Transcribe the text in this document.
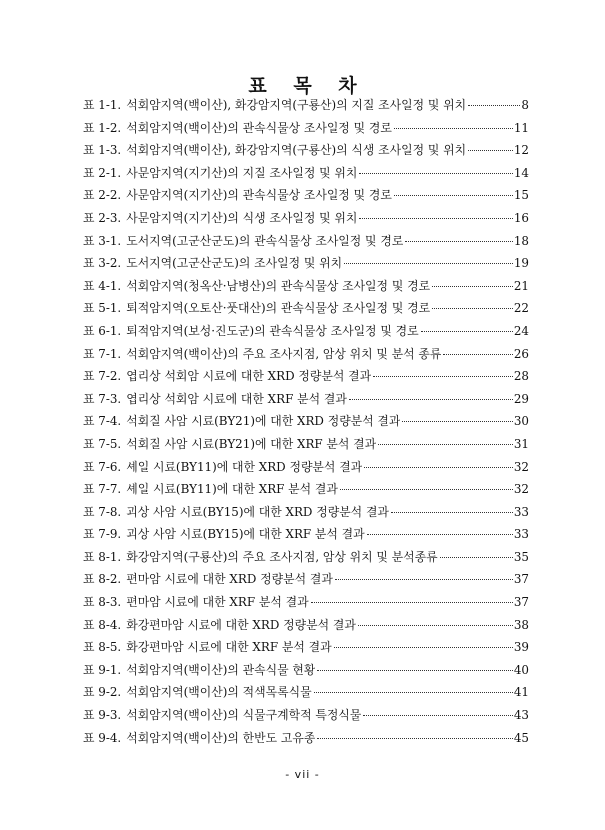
표 목 차
표 1-1. 석회암지역(백이산), 화강암지역(구룡산)의 지질 조사일정 및 위치	8
표 1-2. 석회암지역(백이산)의 관속식물상 조사일정 및 경로	11
표 1-3. 석회암지역(백이산), 화강암지역(구룡산)의 식생 조사일정 및 위치	12
표 2-1. 사문암지역(지기산)의 지질 조사일정 및 위치	14
표 2-2. 사문암지역(지기산)의 관속식물상 조사일정 및 경로	15
표 2-3. 사문암지역(지기산)의 식생 조사일정 및 위치	16
표 3-1. 도서지역(고군산군도)의 관속식물상 조사일정 및 경로	18
표 3-2. 도서지역(고군산군도)의 조사일정 및 위치	19
표 4-1. 석회암지역(청옥산·남병산)의 관속식물상 조사일정 및 경로	21
표 5-1. 퇴적암지역(오토산·풋대산)의 관속식물상 조사일정 및 경로	22
표 6-1. 퇴적암지역(보성·진도군)의 관속식물상 조사일정 및 경로	24
표 7-1. 석회암지역(백이산)의 주요 조사지점, 암상 위치 및 분석 종류	26
표 7-2. 엽리상 석회암 시료에 대한 XRD 정량분석 결과	28
표 7-3. 엽리상 석회암 시료에 대한 XRF 분석 결과	29
표 7-4. 석회질 사암 시료(BY21)에 대한 XRD 정량분석 결과	30
표 7-5. 석회질 사암 시료(BY21)에 대한 XRF 분석 결과	31
표 7-6. 셰일 시료(BY11)에 대한 XRD 정량분석 결과	32
표 7-7. 셰일 시료(BY11)에 대한 XRF 분석 결과	32
표 7-8. 괴상 사암 시료(BY15)에 대한 XRD 정량분석 결과	33
표 7-9. 괴상 사암 시료(BY15)에 대한 XRF 분석 결과	33
표 8-1. 화강암지역(구룡산)의 주요 조사지점, 암상 위치 및 분석종류	35
표 8-2. 편마암 시료에 대한 XRD 정량분석 결과	37
표 8-3. 편마암 시료에 대한 XRF 분석 결과	37
표 8-4. 화강편마암 시료에 대한 XRD 정량분석 결과	38
표 8-5. 화강편마암 시료에 대한 XRF 분석 결과	39
표 9-1. 석회암지역(백이산)의 관속식물 현황	40
표 9-2. 석회암지역(백이산)의 적색목록식물	41
표 9-3. 석회암지역(백이산)의 식물구계학적 특정식물	43
표 9-4. 석회암지역(백이산)의 한반도 고유종	45
- vii -
